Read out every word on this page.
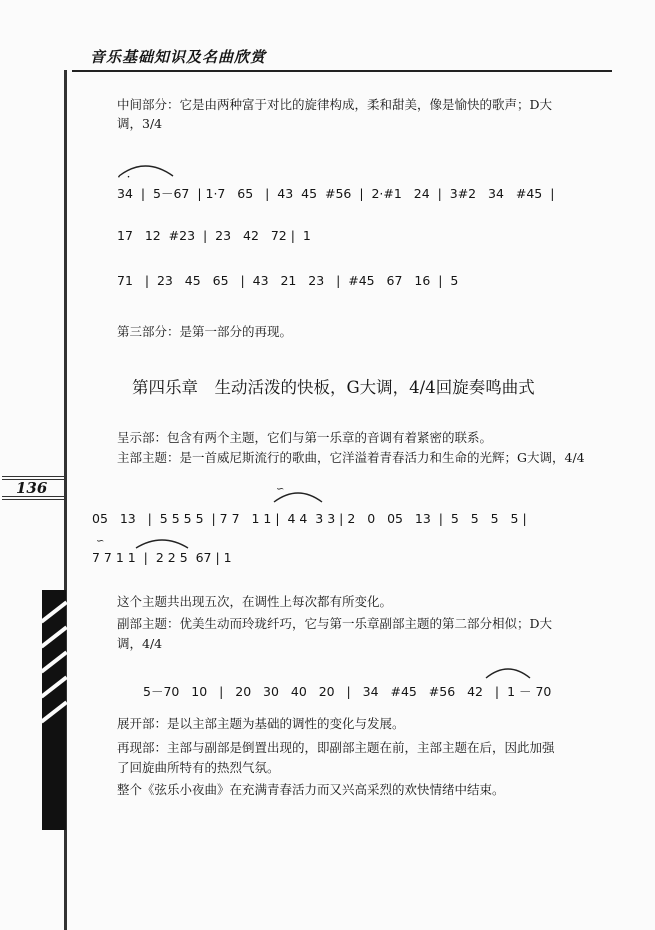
音乐基础知识及名曲欣赏
136
中间部分：它是由两种富于对比的旋律构成，柔和甜美，像是愉快的歌声；D大
调，3/4
· ·
34  |  5－67  | 1·7   65   |  43  45  #56  |  2·#1   24  |  3#2   34   #45  |
17   12  #23  |  23   42   72 |  1
71   |  23   45   65   |  43   21   23   |  #45   67   16  |  5
第三部分：是第一部分的再现。
第四乐章　生动活泼的快板，G大调，4/4回旋奏鸣曲式
呈示部：包含有两个主题，它们与第一乐章的音调有着紧密的联系。
主部主题：是一首威尼斯流行的歌曲，它洋溢着青春活力和生命的光辉；G大调，4/4
∽
05   13   |  5 5 5 5  | 7 7   1 1 |  4 4  3 3 | 2   0   05   13  |  5   5   5   5 |
∽
7 7 1 1  |  2 2 5  67 | 1
这个主题共出现五次，在调性上每次都有所变化。
副部主题：优美生动而玲珑纤巧，它与第一乐章副部主题的第二部分相似；D大
调，4/4
5－70   10   |   20   30   40   20   |   34   #45   #56   42   |  1 － 70
展开部：是以主部主题为基础的调性的变化与发展。
再现部：主部与副部是倒置出现的，即副部主题在前，主部主题在后，因此加强
了回旋曲所特有的热烈气氛。
整个《弦乐小夜曲》在充满青春活力而又兴高采烈的欢快情绪中结束。
